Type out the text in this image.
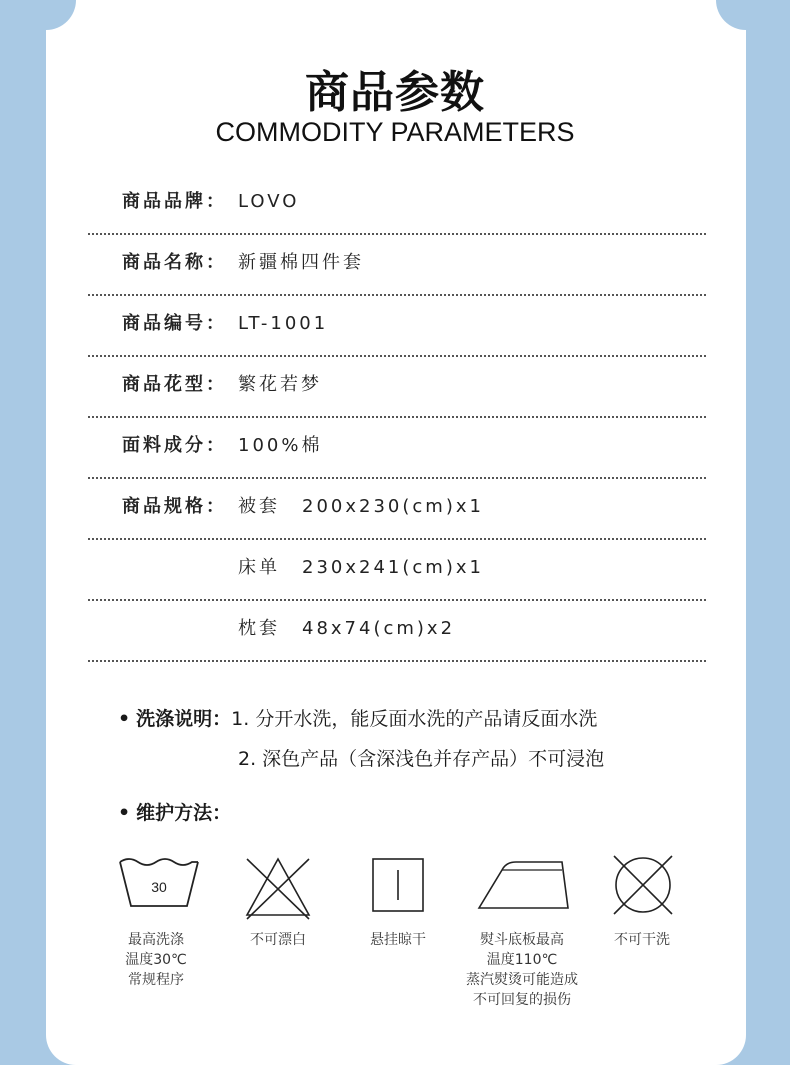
商品参数
COMMODITY PARAMETERS
商品品牌： LOVO
商品名称： 新疆棉四件套
商品编号： LT-1001
商品花型： 繁花若梦
面料成分： 100%棉
商品规格： 被套 200x230(cm)x1
床单 230x241(cm)x1
枕套 48x74(cm)x2
• 洗涤说明：1. 分开水洗，能反面水洗的产品请反面水洗
2. 深色产品（含深浅色并存产品）不可浸泡
• 维护方法：
30
最高洗涤
温度30℃
常规程序
不可漂白	悬挂晾干	熨斗底板最高
温度110℃
蒸汽熨烫可能造成
不可回复的损伤
不可干洗
